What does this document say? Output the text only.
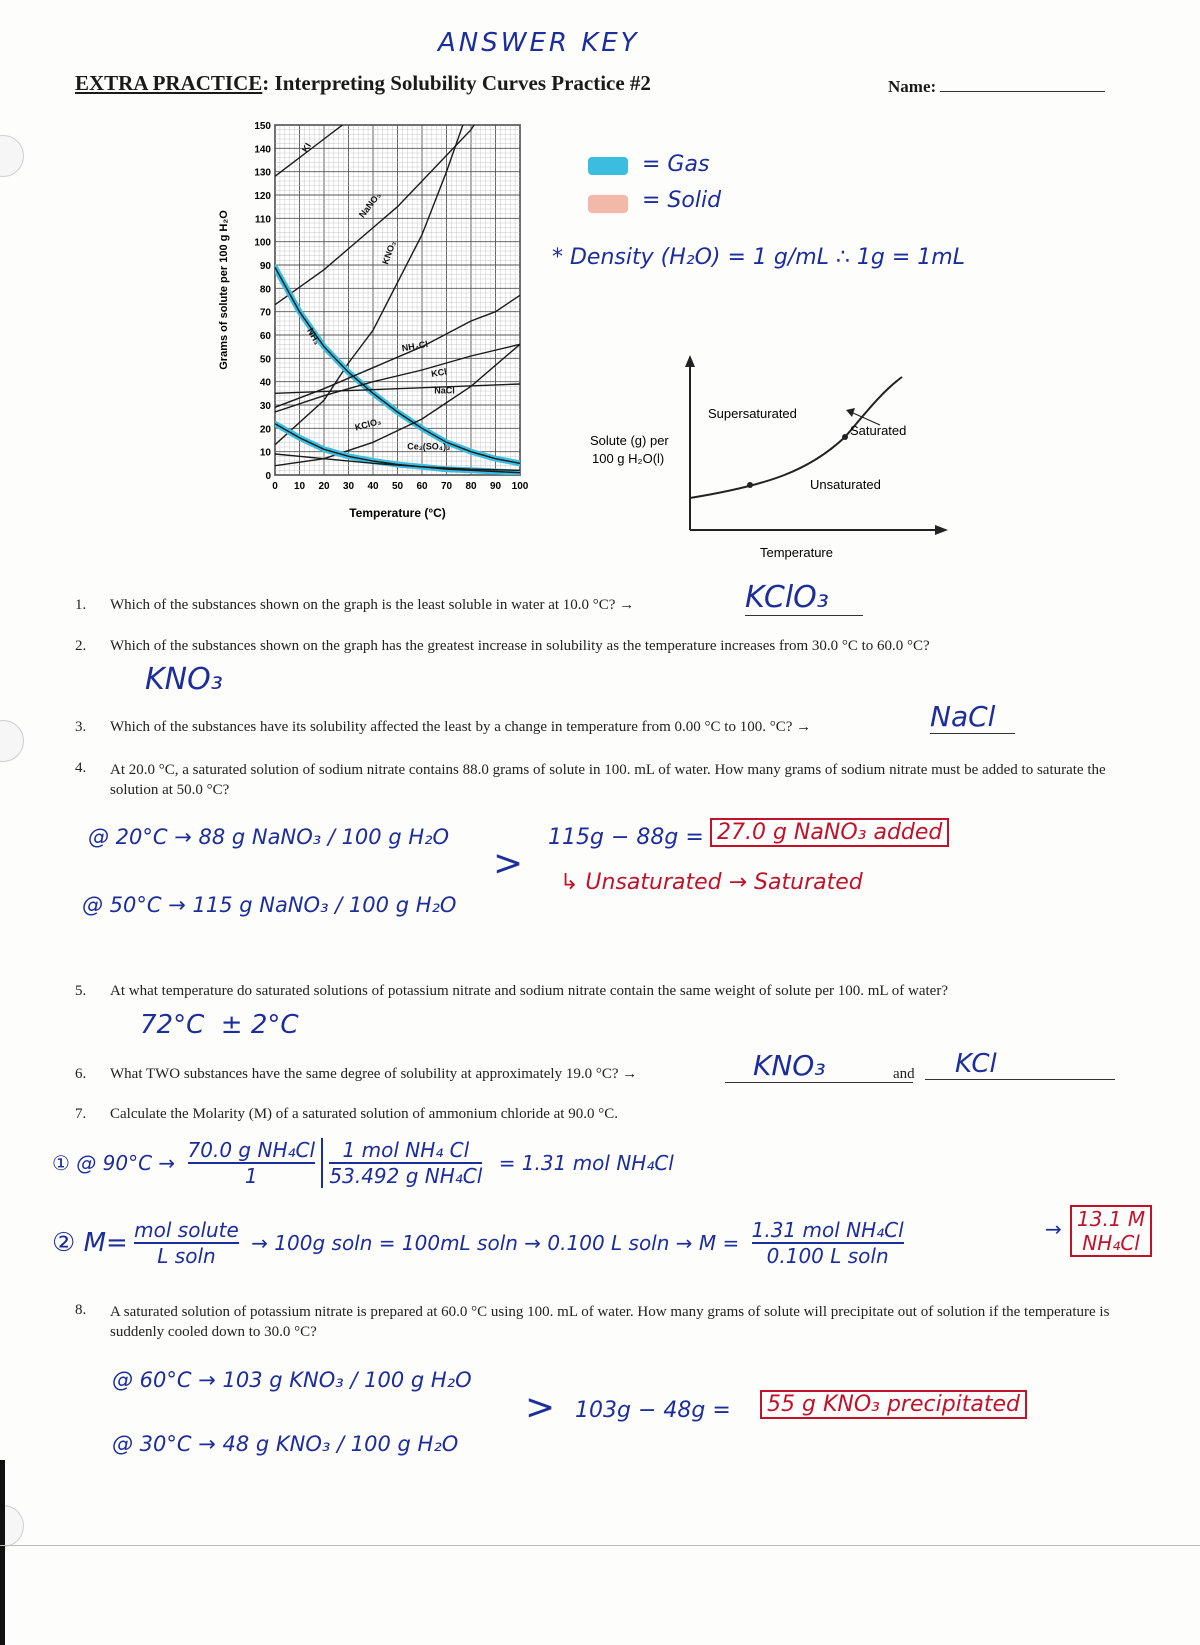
ANSWER KEY
EXTRA PRACTICE: Interpreting Solubility Curves Practice #2	Name:
0 10 20 30 40 50 60 70 80 90 100
0
10
20
30
40
50
60
70
80
90
100
110
120
130
140
150
Temperature (°C)
Grams of solute per 100 g H₂O
KI
NaNO₃
KNO₃
NH₃	NH₄Cl
KCl
NaCl
KClO₃
Ce₂(SO₄)₃
= Gas
= Solid
* Density (H₂O) = 1 g/mL ∴ 1g = 1mL
Supersaturated
Saturated
Unsaturated
Solute (g) per
100 g H₂O(l)
Temperature
1. Which of the substances shown on the graph is the least soluble in water at 10.0 °C? →	KClO₃
2. Which of the substances shown on the graph has the greatest increase in solubility as the temperature increases from 30.0 °C to 60.0 °C?
KNO₃
3. Which of the substances have its solubility affected the least by a change in temperature from 0.00 °C to 100. °C? →	NaCl
4. At 20.0 °C, a saturated solution of sodium nitrate contains 88.0 grams of solute in 100. mL of water. How many grams of sodium nitrate must be added to saturate the solution at 50.0 °C?
@ 20°C → 88 g NaNO₃ / 100 g H₂O
@ 50°C → 115 g NaNO₃ / 100 g H₂O
>
115g − 88g = 27.0 g NaNO₃ added
↳ Unsaturated → Saturated
5. At what temperature do saturated solutions of potassium nitrate and sodium nitrate contain the same weight of solute per 100. mL of water?
72°C  ± 2°C
6. What TWO substances have the same degree of solubility at approximately 19.0 °C? →	KNO₃	and	KCl
7. Calculate the Molarity (M) of a saturated solution of ammonium chloride at 90.0 °C.
① @ $90^\circ C \to \frac{\text{70.0 g NH₄Cl}}{1}$
$\frac{\text{1 mol NH₄ Cl}}{\text{53.492 g NH₄Cl}} = 1.31$ mol NH₄Cl
② $M= \frac{\text{mol solute}}{\text{L soln}} \to 100g$ soln = 100mL soln → 0.100 L $soln \to M = \frac{\text{1.31 mol NH₄Cl}}{\text{0.100 L soln}}$	→ 13.1 M
NH₄Cl
8. A saturated solution of potassium nitrate is prepared at 60.0 °C using 100. mL of water. How many grams of solute will precipitate out of solution if the temperature is suddenly cooled down to 30.0 °C?
@ 60°C → 103 g KNO₃ / 100 g H₂O
@ 30°C → 48 g KNO₃ / 100 g H₂O
> 103g − 48g =	55 g KNO₃ precipitated
